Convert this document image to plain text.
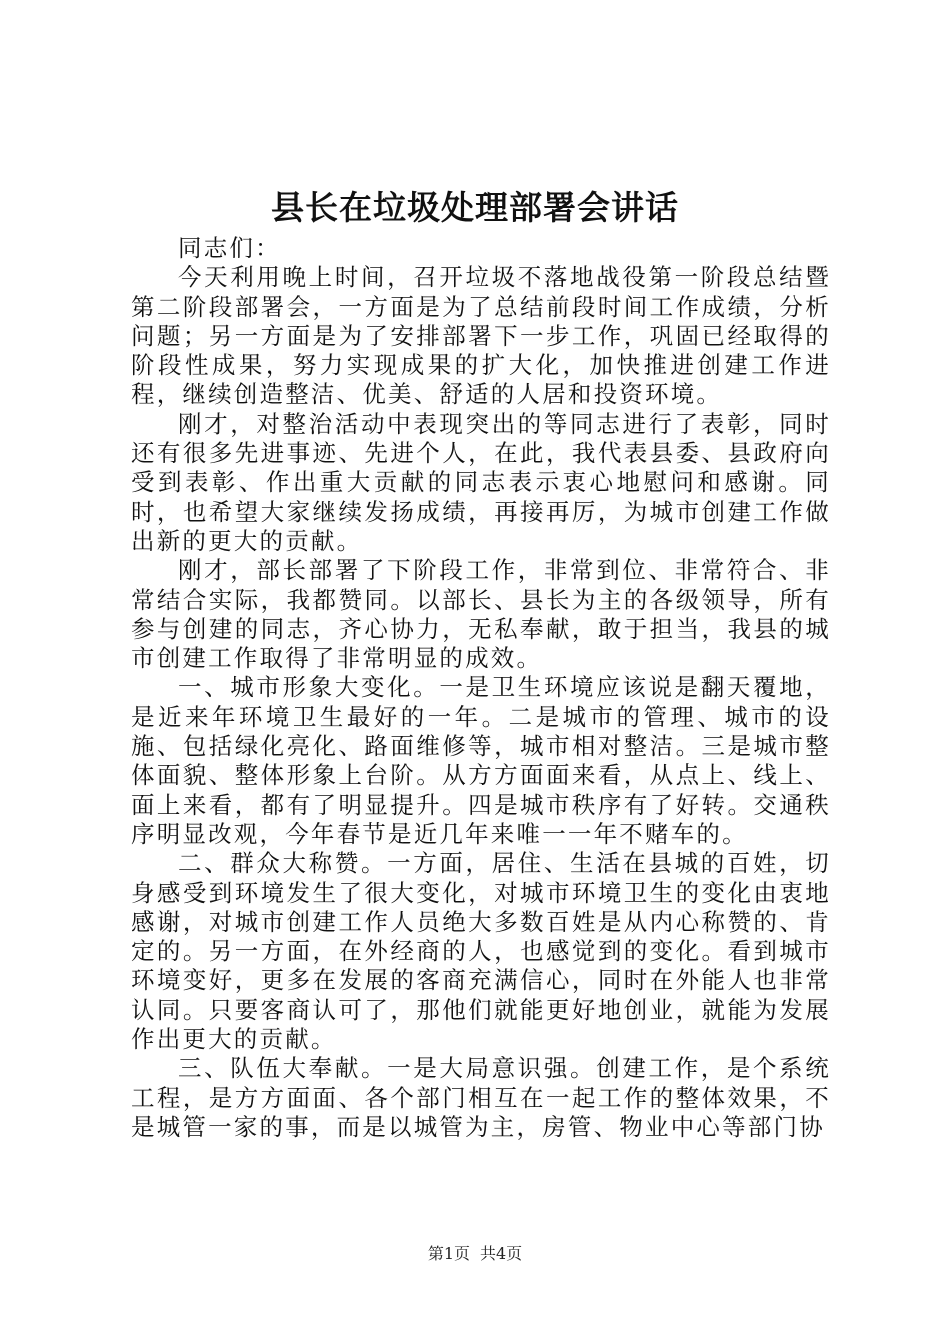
县长在垃圾处理部署会讲话

同志们：

今天利用晚上时间，召开垃圾不落地战役第一阶段总结暨第二阶段部署会，一方面是为了总结前段时间工作成绩，分析问题；另一方面是为了安排部署下一步工作，巩固已经取得的阶段性成果，努力实现成果的扩大化，加快推进创建工作进程，继续创造整洁、优美、舒适的人居和投资环境。

刚才，对整治活动中表现突出的等同志进行了表彰，同时还有很多先进事迹、先进个人，在此，我代表县委、县政府向受到表彰、作出重大贡献的同志表示衷心地慰问和感谢。同时，也希望大家继续发扬成绩，再接再厉，为城市创建工作做出新的更大的贡献。

刚才，部长部署了下阶段工作，非常到位、非常符合、非常结合实际，我都赞同。以部长、县长为主的各级领导，所有参与创建的同志，齐心协力，无私奉献，敢于担当，我县的城市创建工作取得了非常明显的成效。

一、城市形象大变化。一是卫生环境应该说是翻天覆地，是近来年环境卫生最好的一年。二是城市的管理、城市的设施、包括绿化亮化、路面维修等，城市相对整洁。三是城市整体面貌、整体形象上台阶。从方方面面来看，从点上、线上、面上来看，都有了明显提升。四是城市秩序有了好转。交通秩序明显改观，今年春节是近几年来唯一一年不赌车的。

二、群众大称赞。一方面，居住、生活在县城的百姓，切身感受到环境发生了很大变化，对城市环境卫生的变化由衷地感谢，对城市创建工作人员绝大多数百姓是从内心称赞的、肯定的。另一方面，在外经商的人，也感觉到的变化。看到城市环境变好，更多在发展的客商充满信心，同时在外能人也非常认同。只要客商认可了，那他们就能更好地创业，就能为发展作出更大的贡献。

三、队伍大奉献。一是大局意识强。创建工作，是个系统工程，是方方面面、各个部门相互在一起工作的整体效果，不是城管一家的事，而是以城管为主，房管、物业中心等部门协

第1页 共4页
